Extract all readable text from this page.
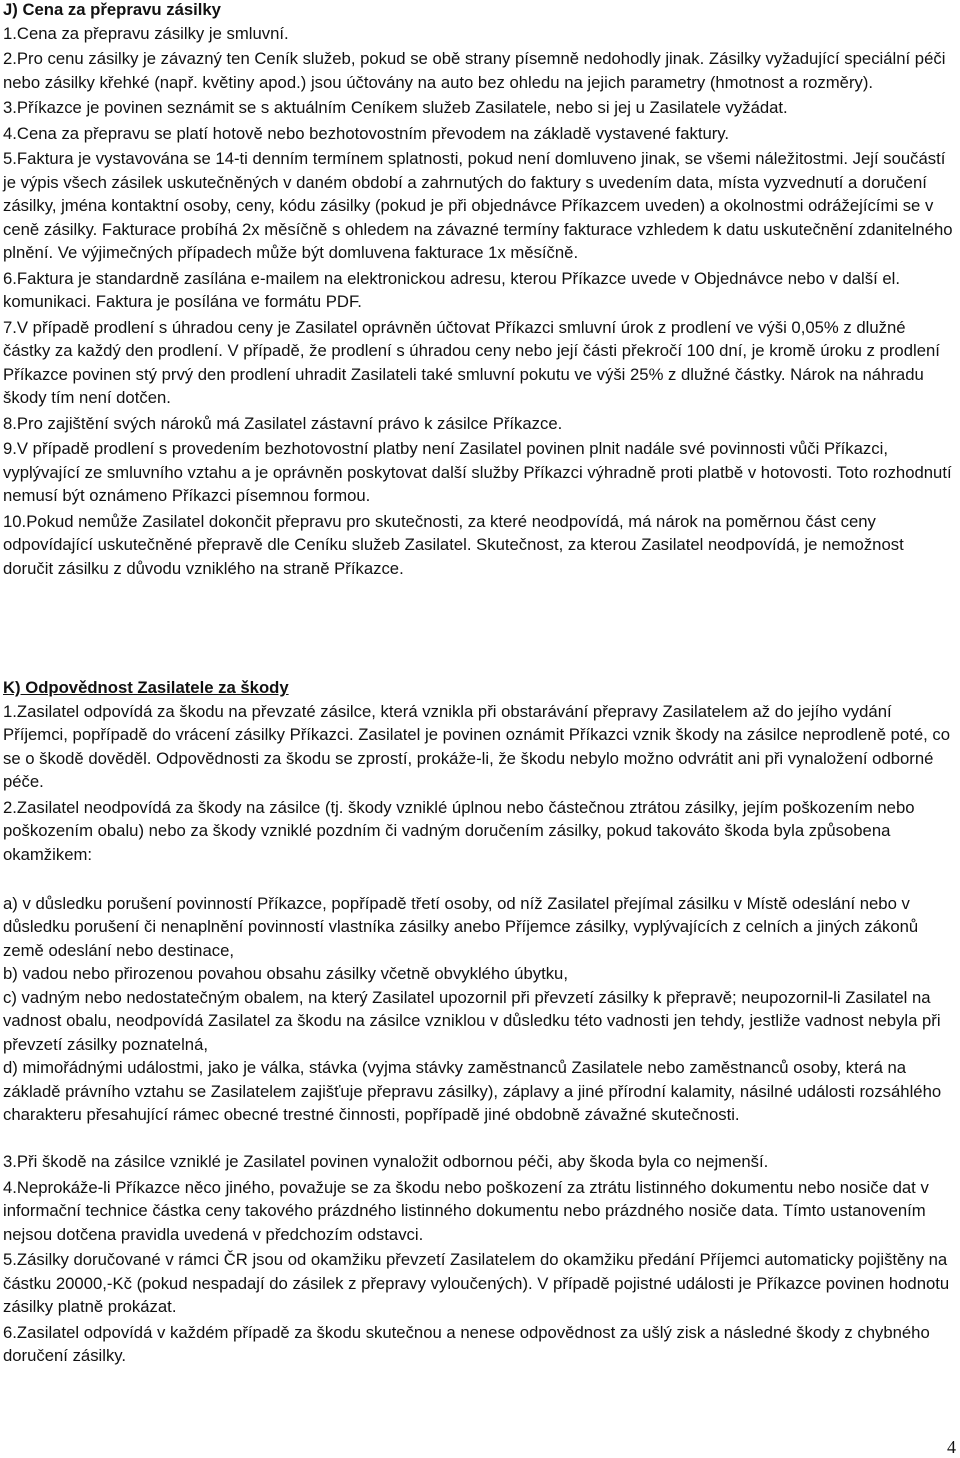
J) Cena za přepravu zásilky

1.Cena za přepravu zásilky je smluvní.

2.Pro cenu zásilky je závazný ten Ceník služeb, pokud se obě strany písemně nedohodly jinak. Zásilky vyžadující speciální péči nebo zásilky křehké (např. květiny apod.) jsou účtovány na auto bez ohledu na jejich parametry (hmotnost a rozměry).

3.Příkazce je povinen seznámit se s aktuálním Ceníkem služeb Zasilatele, nebo si jej u Zasilatele vyžádat.

4.Cena za přepravu se platí hotově nebo bezhotovostním převodem na základě vystavené faktury.

5.Faktura je vystavována se 14-ti denním termínem splatnosti, pokud není domluveno jinak, se všemi náležitostmi. Její součástí je výpis všech zásilek uskutečněných v daném období a zahrnutých do faktury s uvedením data, místa vyzvednutí a doručení zásilky, jména kontaktní osoby, ceny, kódu zásilky (pokud je při objednávce Příkazcem uveden) a okolnostmi odrážejícími se v ceně zásilky. Fakturace probíhá 2x měsíčně s ohledem na závazné termíny fakturace vzhledem k datu uskutečnění zdanitelného plnění. Ve výjimečných případech může být domluvena fakturace 1x měsíčně.

6.Faktura je standardně zasílána e-mailem na elektronickou adresu, kterou Příkazce uvede v Objednávce nebo v další el. komunikaci. Faktura je posílána ve formátu PDF.

7.V případě prodlení s úhradou ceny je Zasilatel oprávněn účtovat Příkazci smluvní úrok z prodlení ve výši 0,05% z dlužné částky za každý den prodlení. V případě, že prodlení s úhradou ceny nebo její části překročí 100 dní, je kromě úroku z prodlení Příkazce povinen stý prvý den prodlení uhradit Zasilateli také smluvní pokutu ve výši 25% z dlužné částky. Nárok na náhradu škody tím není dotčen.

8.Pro zajištění svých nároků má Zasilatel zástavní právo k zásilce Příkazce.

9.V případě prodlení s provedením bezhotovostní platby není Zasilatel povinen plnit nadále své povinnosti vůči Příkazci, vyplývající ze smluvního vztahu a je oprávněn poskytovat další služby Příkazci výhradně proti platbě v hotovosti. Toto rozhodnutí nemusí být oznámeno Příkazci písemnou formou.

10.Pokud nemůže Zasilatel dokončit přepravu pro skutečnosti, za které neodpovídá, má nárok na poměrnou část ceny odpovídající uskutečněné přepravě dle Ceníku služeb Zasilatel. Skutečnost, za kterou Zasilatel neodpovídá, je nemožnost doručit zásilku z důvodu vzniklého na straně Příkazce.

K) Odpovědnost Zasilatele za škody

1.Zasilatel odpovídá za škodu na převzaté zásilce, která vznikla při obstarávání přepravy Zasilatelem až do jejího vydání Příjemci, popřípadě do vrácení zásilky Příkazci. Zasilatel je povinen oznámit Příkazci vznik škody na zásilce neprodleně poté, co se o škodě dověděl. Odpovědnosti za škodu se zprostí, prokáže-li, že škodu nebylo možno odvrátit ani při vynaložení odborné péče.

2.Zasilatel neodpovídá za škody na zásilce (tj. škody vzniklé úplnou nebo částečnou ztrátou zásilky, jejím poškozením nebo poškozením obalu) nebo za škody vzniklé pozdním či vadným doručením zásilky, pokud takováto škoda byla způsobena okamžikem:

a) v důsledku porušení povinností Příkazce, popřípadě třetí osoby, od níž Zasilatel přejímal zásilku v Místě odeslání nebo v důsledku porušení či nenaplnění povinností vlastníka zásilky anebo Příjemce zásilky, vyplývajících z celních a jiných zákonů země odeslání nebo destinace,
b) vadou nebo přirozenou povahou obsahu zásilky včetně obvyklého úbytku,
c) vadným nebo nedostatečným obalem, na který Zasilatel upozornil při převzetí zásilky k přepravě; neupozornil-li Zasilatel na vadnost obalu, neodpovídá Zasilatel za škodu na zásilce vzniklou v důsledku této vadnosti jen tehdy, jestliže vadnost nebyla při převzetí zásilky poznatelná,
d) mimořádnými událostmi, jako je válka, stávka (vyjma stávky zaměstnanců Zasilatele nebo zaměstnanců osoby, která na základě právního vztahu se Zasilatelem zajišťuje přepravu zásilky), záplavy a jiné přírodní kalamity, násilné události rozsáhlého charakteru přesahující rámec obecné trestné činnosti, popřípadě jiné obdobně závažné skutečnosti.

3.Při škodě na zásilce vzniklé je Zasilatel povinen vynaložit odbornou péči, aby škoda byla co nejmenší.

4.Neprokáže-li Příkazce něco jiného, považuje se za škodu nebo poškození za ztrátu listinného dokumentu nebo nosiče dat v informační technice částka ceny takového prázdného listinného dokumentu nebo prázdného nosiče data. Tímto ustanovením nejsou dotčena pravidla uvedená v předchozím odstavci.

5.Zásilky doručované v rámci ČR jsou od okamžiku převzetí Zasilatelem do okamžiku předání Příjemci automaticky pojištěny na částku 20000,-Kč (pokud nespadají do zásilek z přepravy vyloučených). V případě pojistné události je Příkazce povinen hodnotu zásilky platně prokázat.

6.Zasilatel odpovídá v každém případě za škodu skutečnou a nenese odpovědnost za ušlý zisk a následné škody z chybného doručení zásilky.

4
